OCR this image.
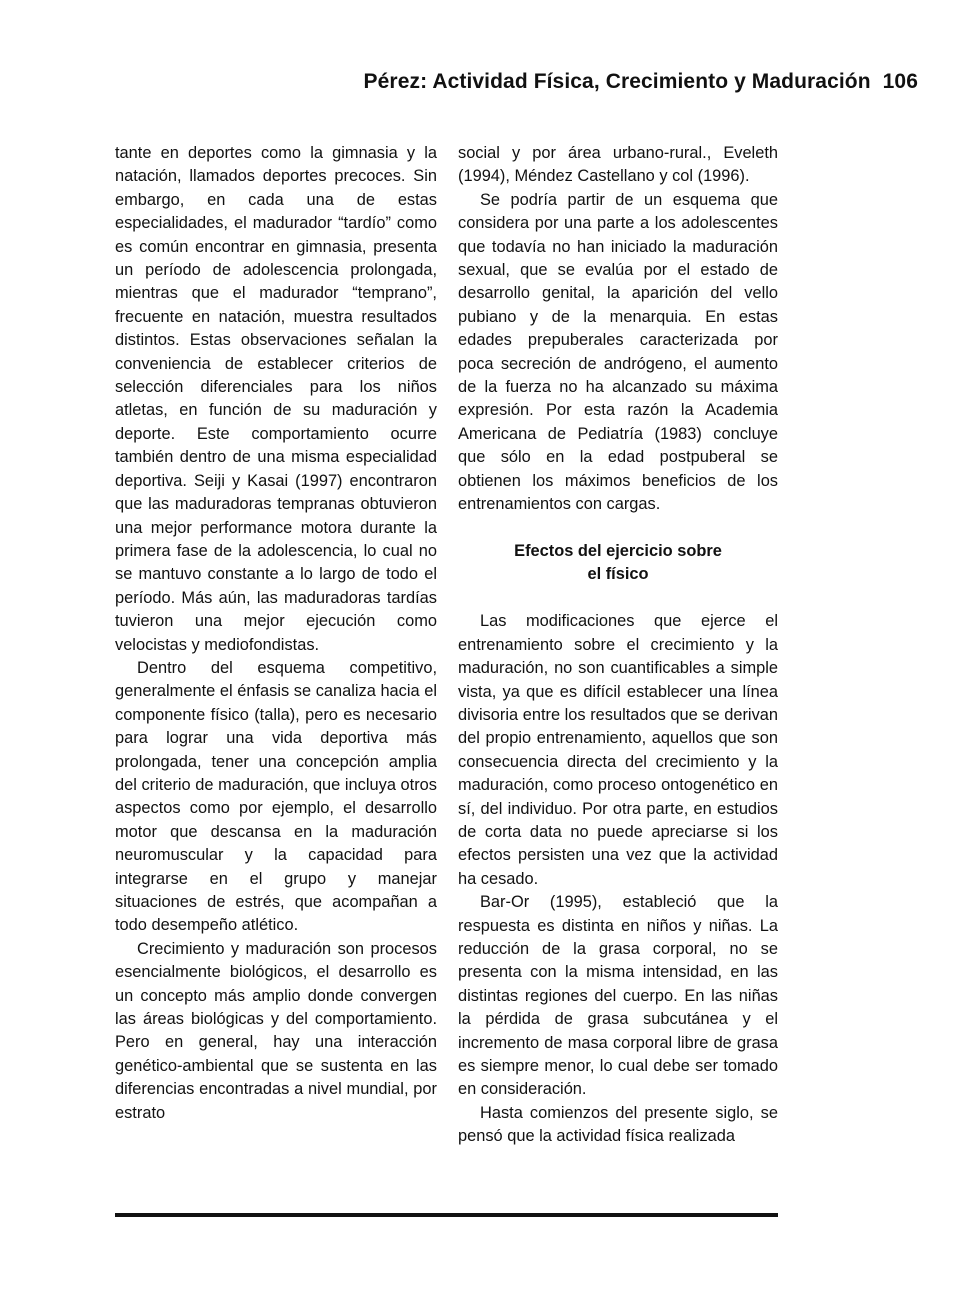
Pérez: Actividad Física, Crecimiento y Maduración 106

tante en deportes como la gimnasia y la natación, llamados deportes precoces. Sin embargo, en cada una de estas especialidades, el madurador “tardío” como es común encontrar en gimnasia, presenta un período de adolescencia prolongada, mientras que el madurador “temprano”, frecuente en natación, muestra resultados distintos. Estas observaciones señalan la conveniencia de establecer criterios de selección diferenciales para los niños atletas, en función de su maduración y deporte. Este comportamiento ocurre también dentro de una misma especialidad deportiva. Seiji y Kasai (1997) encontraron que las maduradoras tempranas obtuvieron una mejor performance motora durante la primera fase de la adolescencia, lo cual no se mantuvo constante a lo largo de todo el período. Más aún, las maduradoras tardías tuvieron una mejor ejecución como velocistas y mediofondistas.

Dentro del esquema competitivo, generalmente el énfasis se canaliza hacia el componente físico (talla), pero es necesario para lograr una vida deportiva más prolongada, tener una concepción amplia del criterio de maduración, que incluya otros aspectos como por ejemplo, el desarrollo motor que descansa en la maduración neuromuscular y la capacidad para integrarse en el grupo y manejar situaciones de estrés, que acompañan a todo desempeño atlético.

Crecimiento y maduración son procesos esencialmente biológicos, el desarrollo es un concepto más amplio donde convergen las áreas biológicas y del comportamiento. Pero en general, hay una interacción genético-ambiental que se sustenta en las diferencias encontradas a nivel mundial, por estrato

social y por área urbano-rural., Eveleth (1994), Méndez Castellano y col (1996).

Se podría partir de un esquema que considera por una parte a los adolescentes que todavía no han iniciado la maduración sexual, que se evalúa por el estado de desarrollo genital, la aparición del vello pubiano y de la menarquia. En estas edades prepuberales caracterizada por poca secreción de andrógeno, el aumento de la fuerza no ha alcanzado su máxima expresión. Por esta razón la Academia Americana de Pediatría (1983) concluye que sólo en la edad postpuberal se obtienen los máximos beneficios de los entrenamientos con cargas.

Efectos del ejercicio sobre
el físico

Las modificaciones que ejerce el entrenamiento sobre el crecimiento y la maduración, no son cuantificables a simple vista, ya que es difícil establecer una línea divisoria entre los resultados que se derivan del propio entrenamiento, aquellos que son consecuencia directa del crecimiento y la maduración, como proceso ontogenético en sí, del individuo. Por otra parte, en estudios de corta data no puede apreciarse si los efectos persisten una vez que la actividad ha cesado.

Bar-Or (1995), estableció que la respuesta es distinta en niños y niñas. La reducción de la grasa corporal, no se presenta con la misma intensidad, en las distintas regiones del cuerpo. En las niñas la pérdida de grasa subcutánea y el incremento de masa corporal libre de grasa es siempre menor, lo cual debe ser tomado en consideración.

Hasta comienzos del presente siglo, se pensó que la actividad física realizada
